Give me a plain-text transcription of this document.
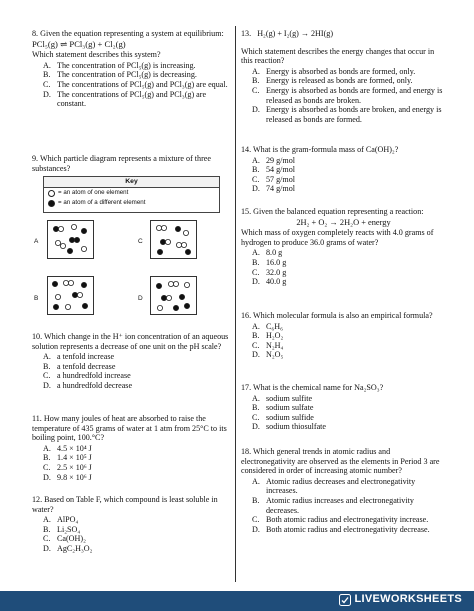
8. Given the equation representing a system at equilibrium:

PCl₅(g) ⇌ PCl₃(g) + Cl₂(g)

Which statement describes this system?

A. The concentration of PCl₅(g) is increasing.
B. The concentration of PCl₅(g) is decreasing.
C. The concentrations of PCl₅(g) and PCl₃(g) are equal.
D. The concentrations of PCl₅(g) and PCl₃(g) are constant.

9. Which particle diagram represents a mixture of three substances?

Key
= an atom of one element
= an atom of a different element
A
B
C
D

10. Which change in the H⁺ ion concentration of an aqueous solution represents a decrease of one unit on the pH scale?

A. a tenfold increase
B. a tenfold decrease
C. a hundredfold increase
D. a hundredfold decrease

11. How many joules of heat are absorbed to raise the temperature of 435 grams of water at 1 atm from 25°C to its boiling point, 100.°C?

A. 4.5 × 10⁴ J
B. 1.4 × 10⁵ J
C. 2.5 × 10⁶ J
D. 9.8 × 10⁶ J

12. Based on Table F, which compound is least soluble in water?

A. AlPO₄
B. Li₂SO₄
C. Ca(OH)₂
D. AgC₂H₃O₂

13. H₂(g) + I₂(g) → 2HI(g)

Which statement describes the energy changes that occur in this reaction?

A. Energy is absorbed as bonds are formed, only.
B. Energy is released as bonds are formed, only.
C. Energy is absorbed as bonds are formed, and energy is released as bonds are broken.
D. Energy is absorbed as bonds are broken, and energy is released as bonds are formed.

14. What is the gram-formula mass of Ca(OH)₂?

A. 29 g/mol
B. 54 g/mol
C. 57 g/mol
D. 74 g/mol

15. Given the balanced equation representing a reaction:

2H₂ + O₂ → 2H₂O + energy

Which mass of oxygen completely reacts with 4.0 grams of hydrogen to produce 36.0 grams of water?

A. 8.0 g
B. 16.0 g
C. 32.0 g
D. 40.0 g

16. Which molecular formula is also an empirical formula?

A. C₆H₆
B. H₂O₂
C. N₂H₄
D. N₂O₅

17. What is the chemical name for Na₂SO₃?

A. sodium sulfite
B. sodium sulfate
C. sodium sulfide
D. sodium thiosulfate

18. Which general trends in atomic radius and electronegativity are observed as the elements in Period 3 are considered in order of increasing atomic number?

A. Atomic radius decreases and electronegativity increases.
B. Atomic radius increases and electronegativity decreases.
C. Both atomic radius and electronegativity increase.
D. Both atomic radius and electronegativity decrease.
LIVEWORKSHEETS
